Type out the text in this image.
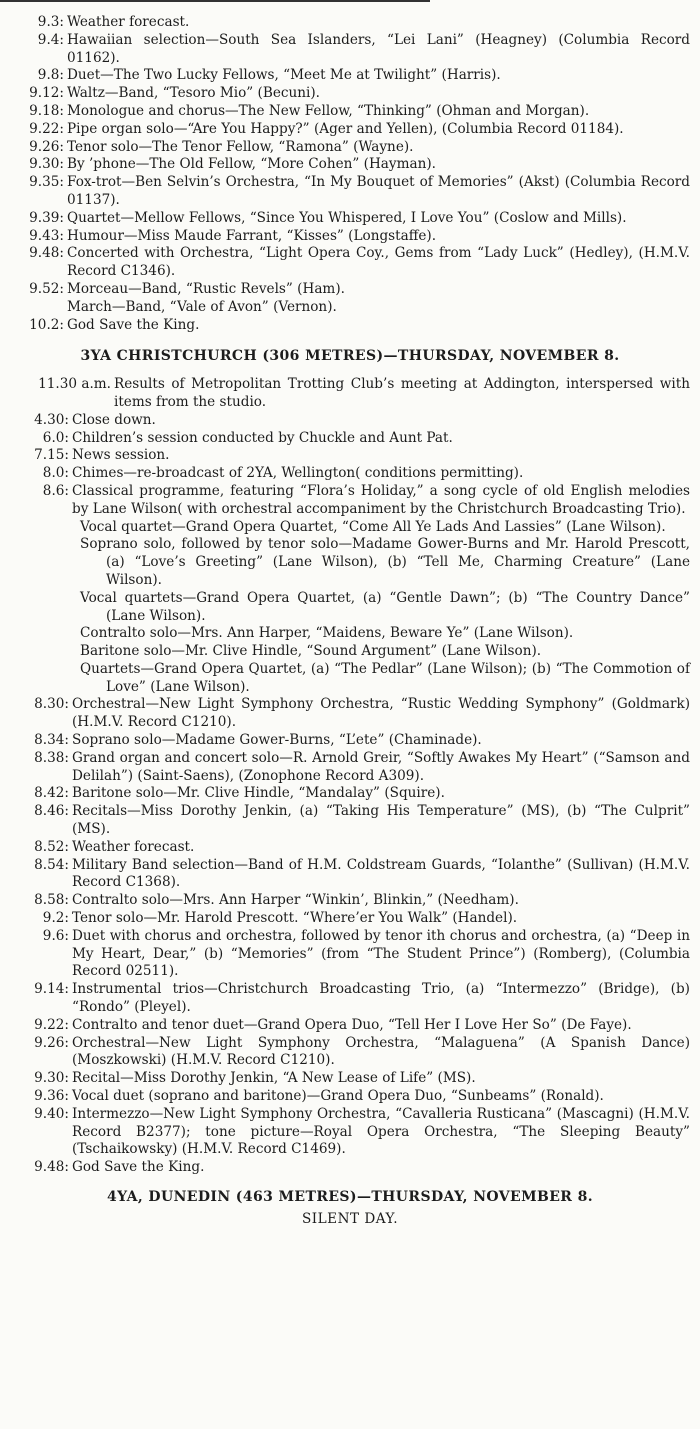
9.3: Weather forecast.
9.4: Hawaiian selection—South Sea Islanders, “Lei Lani” (Heagney) (Columbia Record 01162).
9.8: Duet—The Two Lucky Fellows, “Meet Me at Twilight” (Harris).
9.12: Waltz—Band, “Tesoro Mio” (Becuni).
9.18: Monologue and chorus—The New Fellow, “Thinking” (Ohman and Morgan).
9.22: Pipe organ solo—“Are You Happy?” (Ager and Yellen), (Columbia Record 01184).
9.26: Tenor solo—The Tenor Fellow, “Ramona” (Wayne).
9.30: By ’phone—The Old Fellow, “More Cohen” (Hayman).
9.35: Fox-trot—Ben Selvin’s Orchestra, “In My Bouquet of Memories” (Akst) (Columbia Record 01137).
9.39: Quartet—Mellow Fellows, “Since You Whispered, I Love You” (Coslow and Mills).
9.43: Humour—Miss Maude Farrant, “Kisses” (Longstaffe).
9.48: Concerted with Orchestra, “Light Opera Coy., Gems from “Lady Luck” (Hedley), (H.M.V. Record C1346).
9.52: Morceau—Band, “Rustic Revels” (Ham).
March—Band, “Vale of Avon” (Vernon).
10.2: God Save the King.
3YA CHRISTCHURCH (306 METRES)—THURSDAY, NOVEMBER 8.
11.30 a.m. Results of Metropolitan Trotting Club’s meeting at Addington, interspersed with items from the studio.
4.30: Close down.
6.0: Children’s session conducted by Chuckle and Aunt Pat.
7.15: News session.
8.0: Chimes—re-broadcast of 2YA, Wellington( conditions permitting).
8.6: Classical programme, featuring “Flora’s Holiday,” a song cycle of old English melodies by Lane Wilson( with orchestral accompaniment by the Christchurch Broadcasting Trio).
Vocal quartet—Grand Opera Quartet, “Come All Ye Lads And Lassies” (Lane Wilson).
Soprano solo, followed by tenor solo—Madame Gower-Burns and Mr. Harold Prescott, (a) “Love’s Greeting” (Lane Wilson), (b) “Tell Me, Charming Creature” (Lane Wilson).
Vocal quartets—Grand Opera Quartet, (a) “Gentle Dawn”; (b) “The Country Dance” (Lane Wilson).
Contralto solo—Mrs. Ann Harper, “Maidens, Beware Ye” (Lane Wilson).
Baritone solo—Mr. Clive Hindle, “Sound Argument” (Lane Wilson).
Quartets—Grand Opera Quartet, (a) “The Pedlar” (Lane Wilson); (b) “The Commotion of Love” (Lane Wilson).
8.30: Orchestral—New Light Symphony Orchestra, “Rustic Wedding Symphony” (Goldmark) (H.M.V. Record C1210).
8.34: Soprano solo—Madame Gower-Burns, “L’ete” (Chaminade).
8.38: Grand organ and concert solo—R. Arnold Greir, “Softly Awakes My Heart” (“Samson and Delilah”) (Saint-Saens), (Zonophone Record A309).
8.42: Baritone solo—Mr. Clive Hindle, “Mandalay” (Squire).
8.46: Recitals—Miss Dorothy Jenkin, (a) “Taking His Temperature” (MS), (b) “The Culprit” (MS).
8.52: Weather forecast.
8.54: Military Band selection—Band of H.M. Coldstream Guards, “Iolanthe” (Sullivan) (H.M.V. Record C1368).
8.58: Contralto solo—Mrs. Ann Harper “Winkin’, Blinkin,” (Needham).
9.2: Tenor solo—Mr. Harold Prescott. “Where’er You Walk” (Handel).
9.6: Duet with chorus and orchestra, followed by tenor ith chorus and orchestra, (a) “Deep in My Heart, Dear,” (b) “Memories” (from “The Student Prince”) (Romberg), (Columbia Record 02511).
9.14: Instrumental trios—Christchurch Broadcasting Trio, (a) “Intermezzo” (Bridge), (b) “Rondo” (Pleyel).
9.22: Contralto and tenor duet—Grand Opera Duo, “Tell Her I Love Her So” (De Faye).
9.26: Orchestral—New Light Symphony Orchestra, “Malaguena” (A Spanish Dance) (Moszkowski) (H.M.V. Record C1210).
9.30: Recital—Miss Dorothy Jenkin, “A New Lease of Life” (MS).
9.36: Vocal duet (soprano and baritone)—Grand Opera Duo, “Sunbeams” (Ronald).
9.40: Intermezzo—New Light Symphony Orchestra, “Cavalleria Rusticana” (Mascagni) (H.M.V. Record B2377); tone picture—Royal Opera Orchestra, “The Sleeping Beauty” (Tschaikowsky) (H.M.V. Record C1469).
9.48: God Save the King.
4YA, DUNEDIN (463 METRES)—THURSDAY, NOVEMBER 8.
SILENT DAY.
